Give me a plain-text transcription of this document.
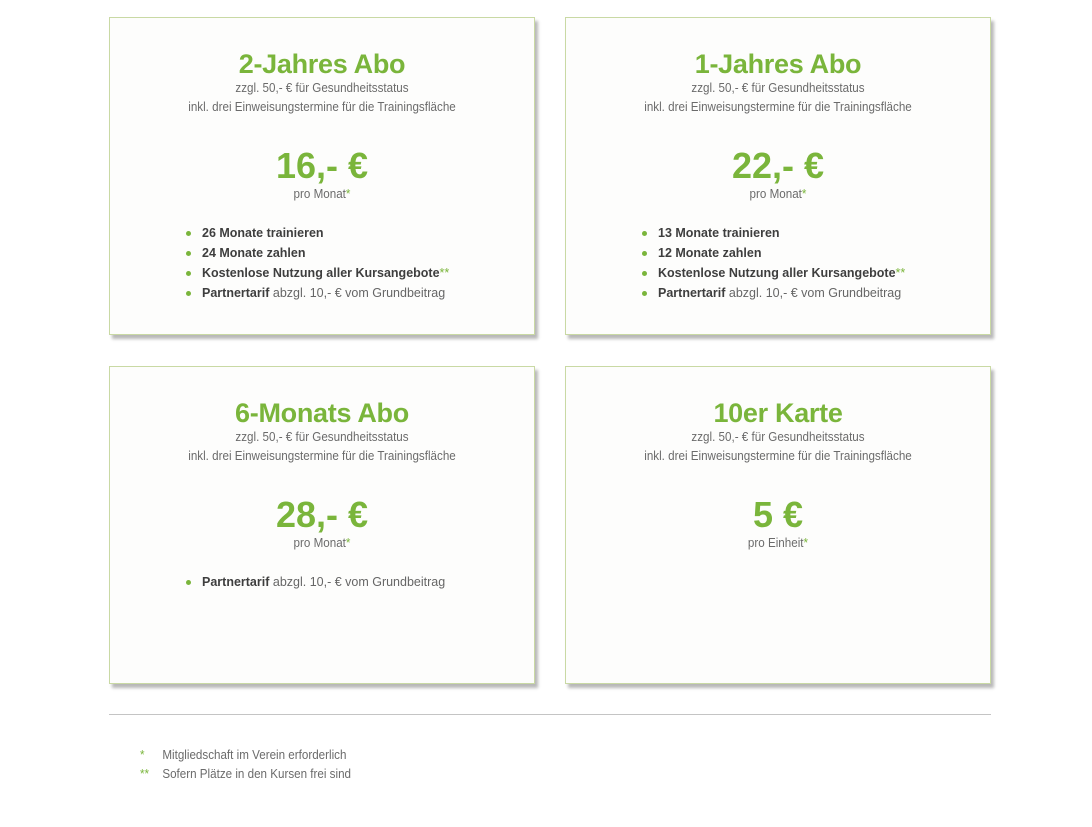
2-Jahres Abo
zzgl. 50,- € für Gesundheitsstatus
inkl. drei Einweisungstermine für die Trainingsfläche
16,- €
pro Monat*
26 Monate trainieren
24 Monate zahlen
Kostenlose Nutzung aller Kursangebote**
Partnertarif abzgl. 10,- € vom Grundbeitrag
1-Jahres Abo
zzgl. 50,- € für Gesundheitsstatus
inkl. drei Einweisungstermine für die Trainingsfläche
22,- €
pro Monat*
13 Monate trainieren
12 Monate zahlen
Kostenlose Nutzung aller Kursangebote**
Partnertarif abzgl. 10,- € vom Grundbeitrag
6-Monats Abo
zzgl. 50,- € für Gesundheitsstatus
inkl. drei Einweisungstermine für die Trainingsfläche
28,- €
pro Monat*
Partnertarif abzgl. 10,- € vom Grundbeitrag
10er Karte
zzgl. 50,- € für Gesundheitsstatus
inkl. drei Einweisungstermine für die Trainingsfläche
5 €
pro Einheit*
* Mitgliedschaft im Verein erforderlich
** Sofern Plätze in den Kursen frei sind
